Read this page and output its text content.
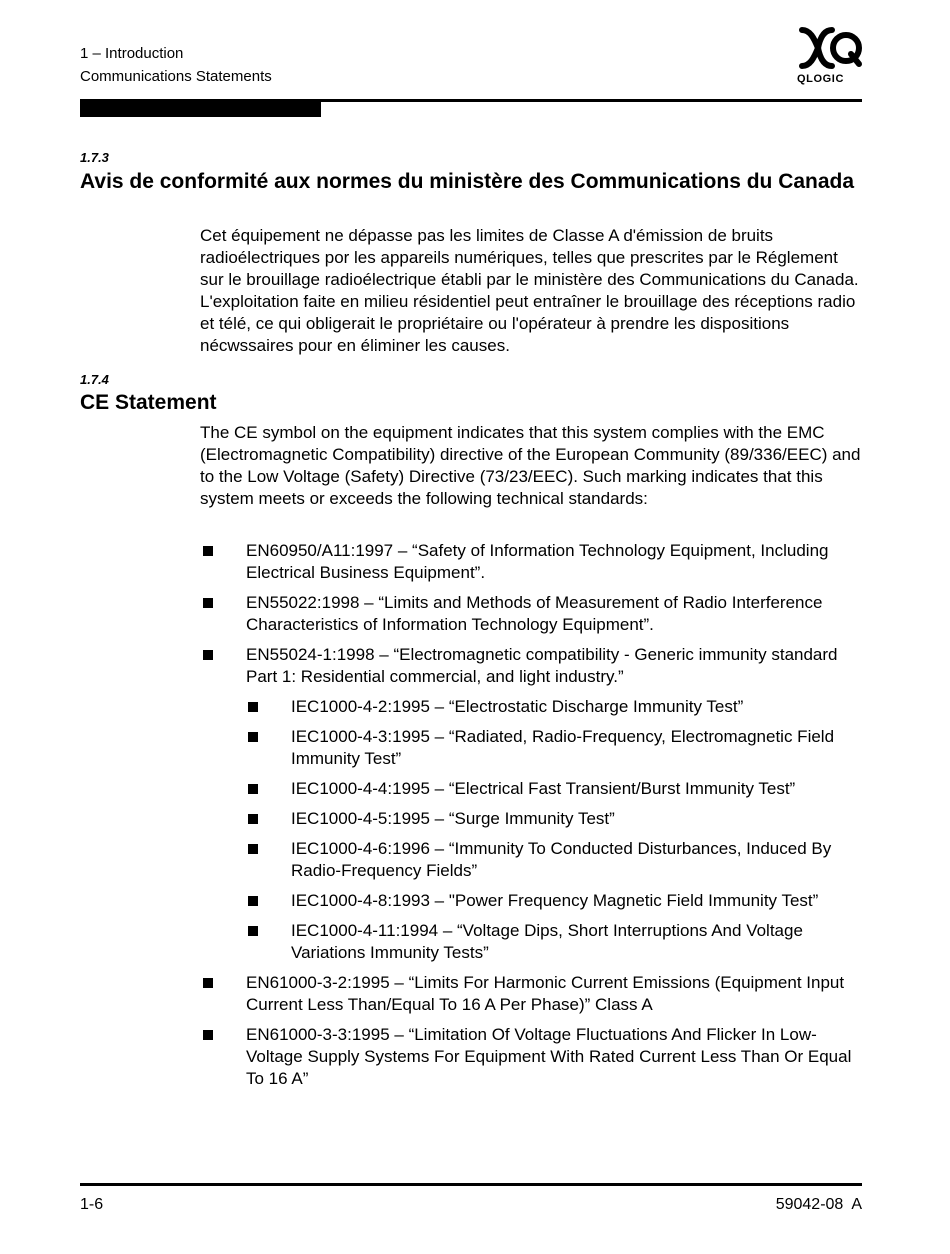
1 – Introduction
Communications Statements	QLOGIC
1.7.3
Avis de conformité aux normes du ministère des Communications du Canada

Cet équipement ne dépasse pas les limites de Classe A d'émission de bruits radioélectriques por les appareils numériques, telles que prescrites par le Réglement sur le brouillage radioélectrique établi par le ministère des Communications du Canada. L'exploitation faite en milieu résidentiel peut entraîner le brouillage des réceptions radio et télé, ce qui obligerait le propriétaire ou l'opérateur à prendre les dispositions nécwssaires pour en éliminer les causes.

1.7.4
CE Statement

The CE symbol on the equipment indicates that this system complies with the EMC (Electromagnetic Compatibility) directive of the European Community (89/336/EEC) and to the Low Voltage (Safety) Directive (73/23/EEC). Such marking indicates that this system meets or exceeds the following technical standards:

EN60950/A11:1997 – “Safety of Information Technology Equipment, Including Electrical Business Equipment”.
EN55022:1998 – “Limits and Methods of Measurement of Radio Interference Characteristics of Information Technology Equipment”.
EN55024-1:1998 – “Electromagnetic compatibility - Generic immunity standard Part 1: Residential commercial, and light industry.”
IEC1000-4-2:1995 – “Electrostatic Discharge Immunity Test”
IEC1000-4-3:1995 – “Radiated, Radio-Frequency, Electromagnetic Field Immunity Test”
IEC1000-4-4:1995 – “Electrical Fast Transient/Burst Immunity Test”
IEC1000-4-5:1995 – “Surge Immunity Test”
IEC1000-4-6:1996 – “Immunity To Conducted Disturbances, Induced By Radio-Frequency Fields”
IEC1000-4-8:1993 – "Power Frequency Magnetic Field Immunity Test”
IEC1000-4-11:1994 – “Voltage Dips, Short Interruptions And Voltage Variations Immunity Tests”
EN61000-3-2:1995 – “Limits For Harmonic Current Emissions (Equipment Input Current Less Than/Equal To 16 A Per Phase)” Class A
EN61000-3-3:1995 – “Limitation Of Voltage Fluctuations And Flicker In Low-Voltage Supply Systems For Equipment With Rated Current Less Than Or Equal To 16 A”
1-6	59042-08  A
